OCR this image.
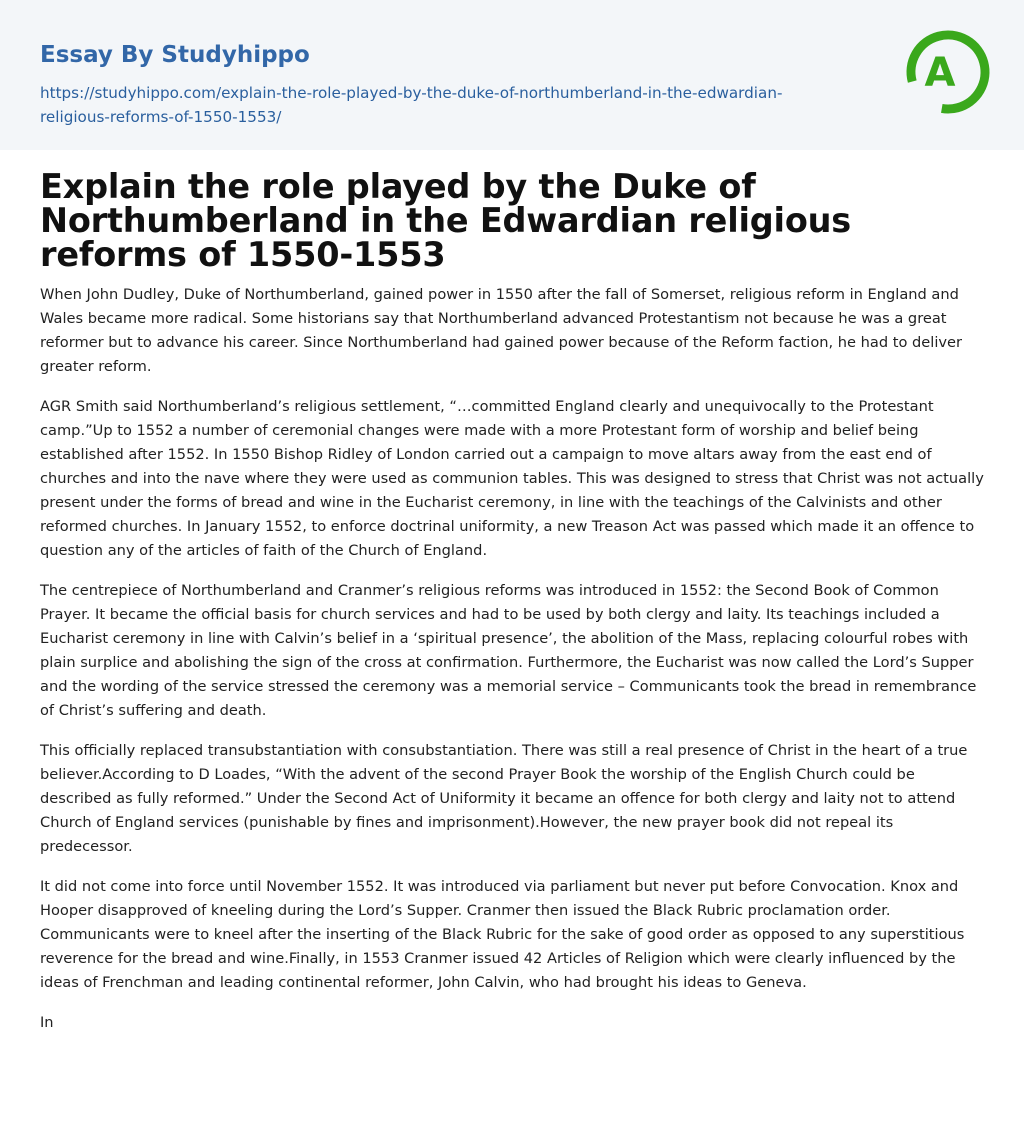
Essay By Studyhippo
https://studyhippo.com/explain-the-role-played-by-the-duke-of-northumberland-in-the-edwardian-religious-reforms-of-1550-1553/
A
Explain the role played by the Duke of Northumberland in the Edwardian religious reforms of 1550-1553

When John Dudley, Duke of Northumberland, gained power in 1550 after the fall of Somerset, religious reform in England and Wales became more radical. Some historians say that Northumberland advanced Protestantism not because he was a great reformer but to advance his career. Since Northumberland had gained power because of the Reform faction, he had to deliver greater reform.

AGR Smith said Northumberland’s religious settlement, “…committed England clearly and unequivocally to the Protestant camp.”Up to 1552 a number of ceremonial changes were made with a more Protestant form of worship and belief being established after 1552. In 1550 Bishop Ridley of London carried out a campaign to move altars away from the east end of churches and into the nave where they were used as communion tables. This was designed to stress that Christ was not actually present under the forms of bread and wine in the Eucharist ceremony, in line with the teachings of the Calvinists and other reformed churches. In January 1552, to enforce doctrinal uniformity, a new Treason Act was passed which made it an offence to question any of the articles of faith of the Church of England.

The centrepiece of Northumberland and Cranmer’s religious reforms was introduced in 1552: the Second Book of Common Prayer. It became the official basis for church services and had to be used by both clergy and laity. Its teachings included a Eucharist ceremony in line with Calvin’s belief in a ‘spiritual presence’, the abolition of the Mass, replacing colourful robes with plain surplice and abolishing the sign of the cross at confirmation. Furthermore, the Eucharist was now called the Lord’s Supper and the wording of the service stressed the ceremony was a memorial service – Communicants took the bread in remembrance of Christ’s suffering and death.

This officially replaced transubstantiation with consubstantiation. There was still a real presence of Christ in the heart of a true believer.According to D Loades, “With the advent of the second Prayer Book the worship of the English Church could be described as fully reformed.” Under the Second Act of Uniformity it became an offence for both clergy and laity not to attend Church of England services (punishable by fines and imprisonment).However, the new prayer book did not repeal its predecessor.

It did not come into force until November 1552. It was introduced via parliament but never put before Convocation. Knox and Hooper disapproved of kneeling during the Lord’s Supper. Cranmer then issued the Black Rubric proclamation order. Communicants were to kneel after the inserting of the Black Rubric for the sake of good order as opposed to any superstitious reverence for the bread and wine.Finally, in 1553 Cranmer issued 42 Articles of Religion which were clearly influenced by the ideas of Frenchman and leading continental reformer, John Calvin, who had brought his ideas to Geneva.

In
